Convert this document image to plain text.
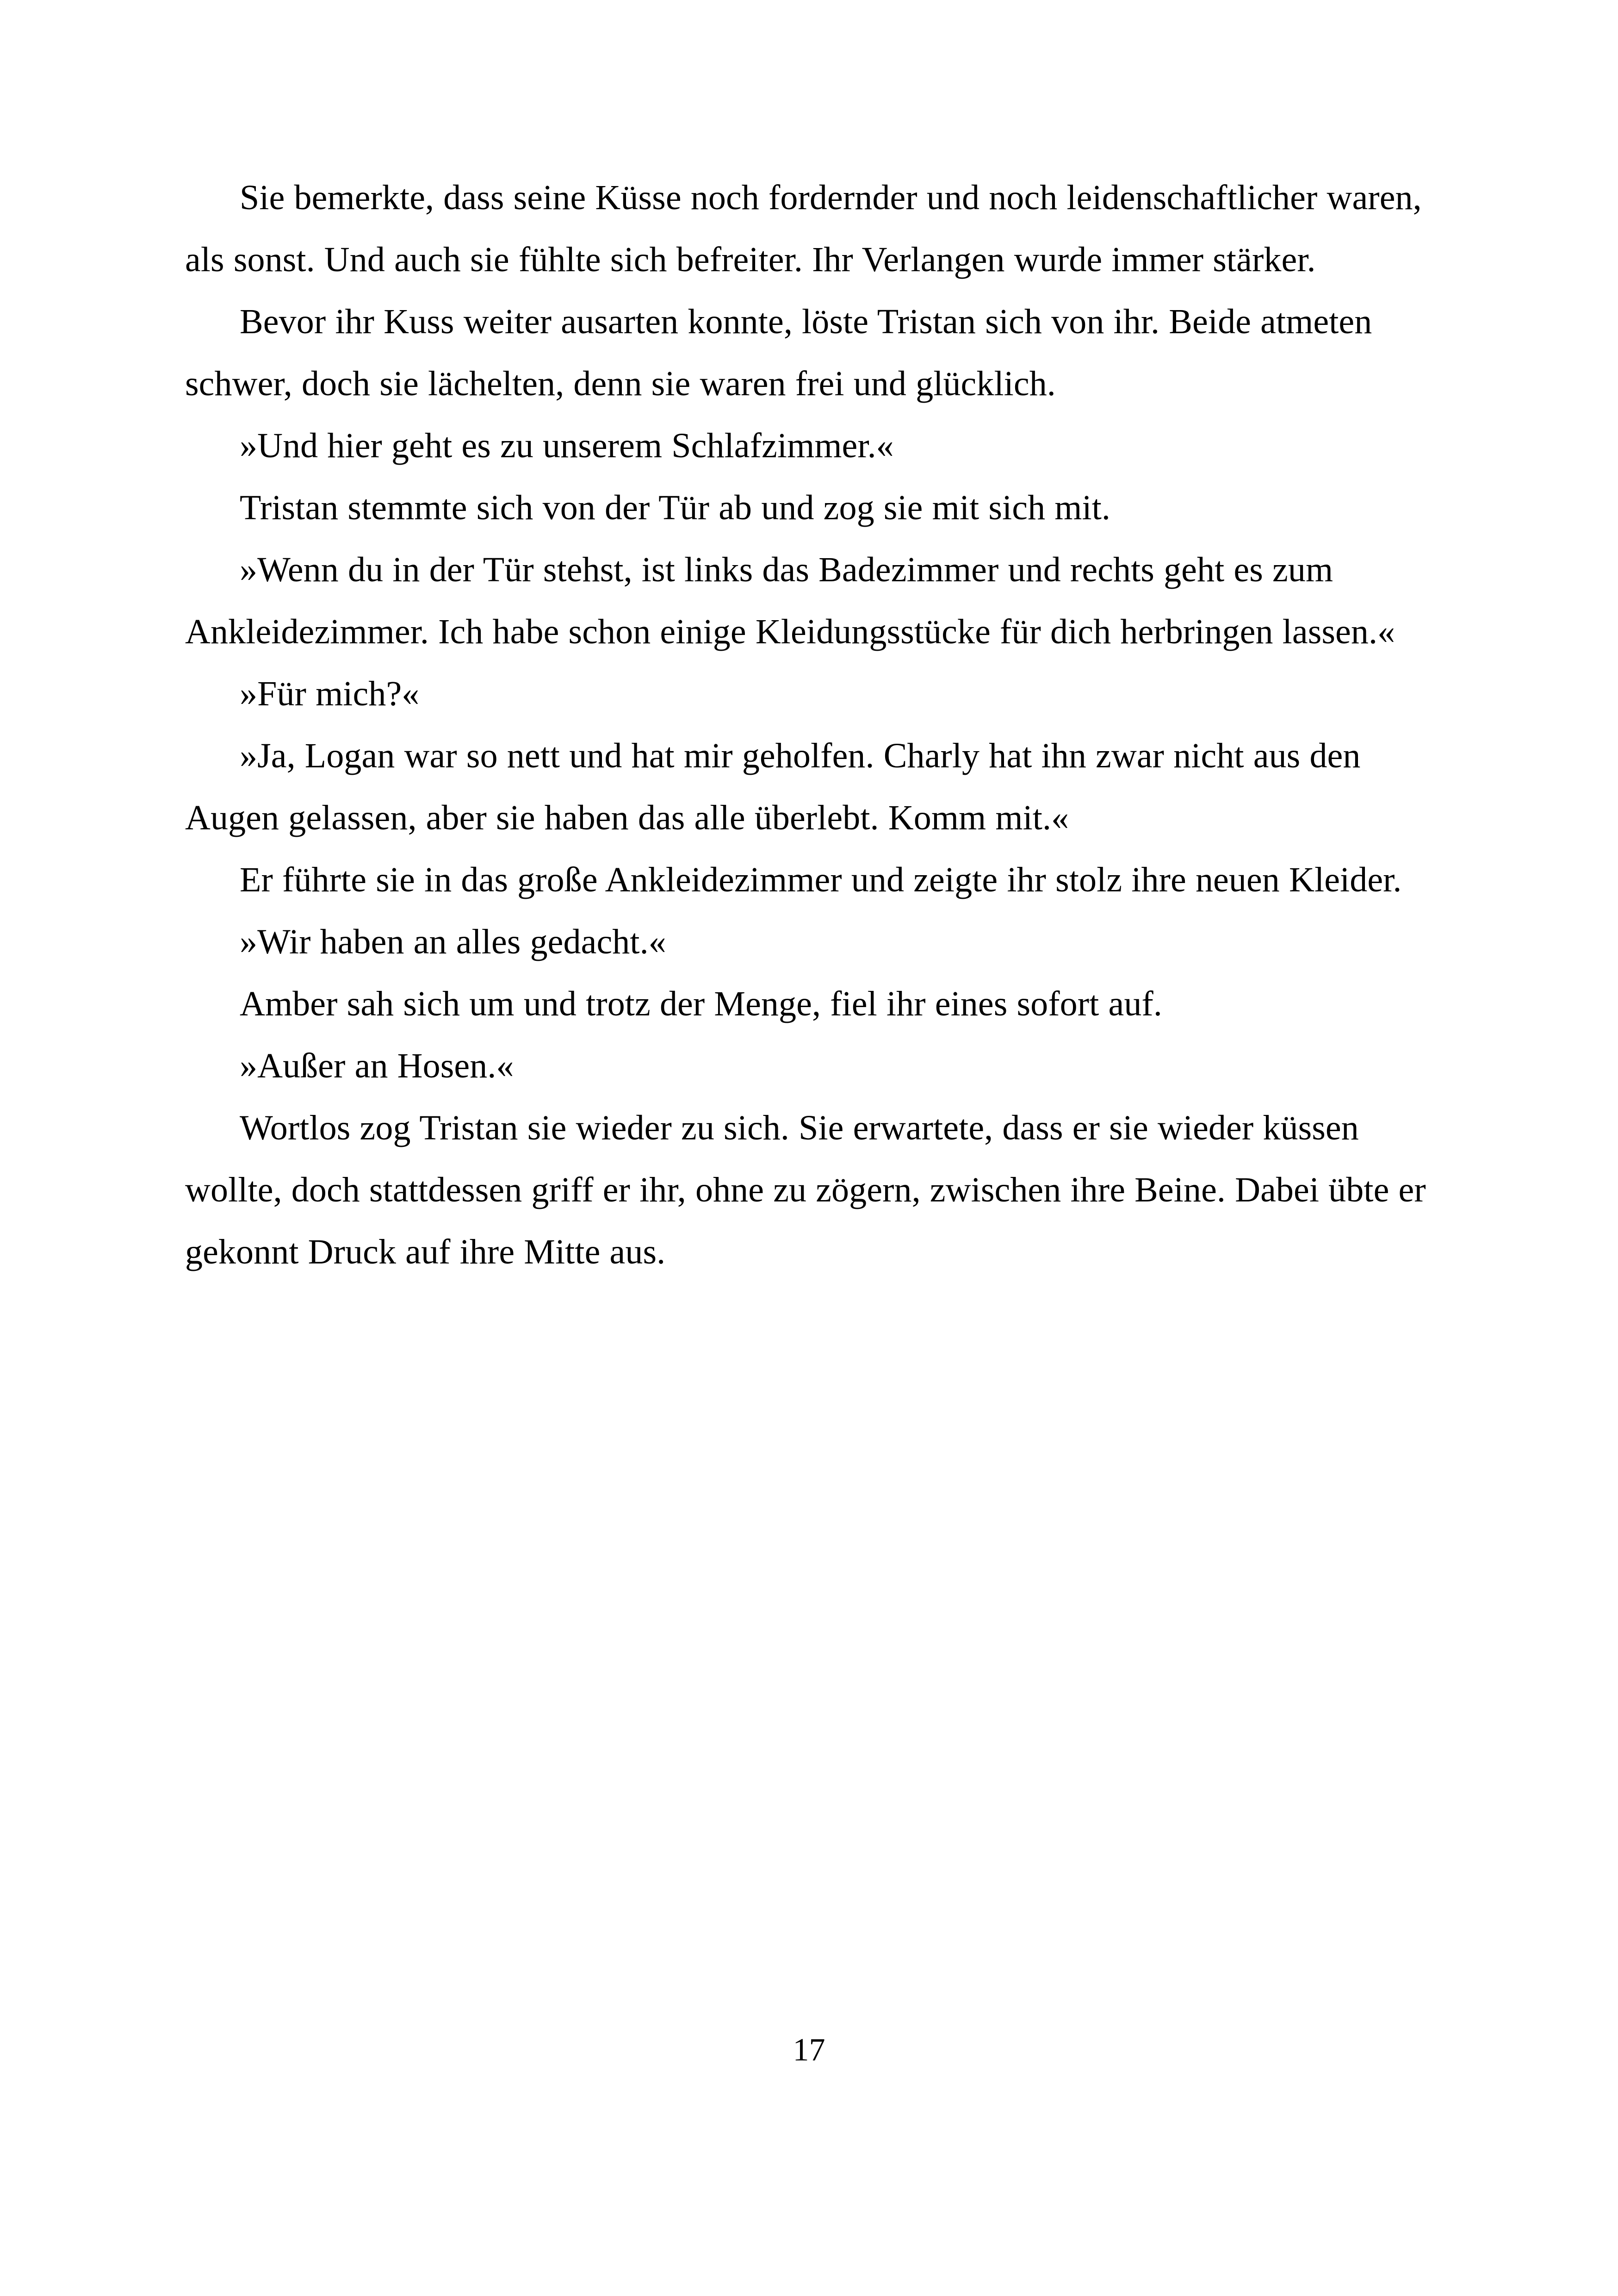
Sie bemerkte, dass seine Küsse noch fordernder und noch leidenschaftlicher waren, als sonst. Und auch sie fühlte sich befreiter. Ihr Verlangen wurde immer stärker.

Bevor ihr Kuss weiter ausarten konnte, löste Tristan sich von ihr. Beide atmeten schwer, doch sie lächelten, denn sie waren frei und glücklich.

»Und hier geht es zu unserem Schlafzimmer.«

Tristan stemmte sich von der Tür ab und zog sie mit sich mit.

»Wenn du in der Tür stehst, ist links das Badezimmer und rechts geht es zum Ankleidezimmer. Ich habe schon einige Kleidungsstücke für dich herbringen lassen.«

»Für mich?«

»Ja, Logan war so nett und hat mir geholfen. Charly hat ihn zwar nicht aus den Augen gelassen, aber sie haben das alle überlebt. Komm mit.«

Er führte sie in das große Ankleidezimmer und zeigte ihr stolz ihre neuen Kleider.

»Wir haben an alles gedacht.«

Amber sah sich um und trotz der Menge, fiel ihr eines sofort auf.

»Außer an Hosen.«

Wortlos zog Tristan sie wieder zu sich. Sie erwartete, dass er sie wieder küssen wollte, doch stattdessen griff er ihr, ohne zu zögern, zwischen ihre Beine. Dabei übte er gekonnt Druck auf ihre Mitte aus.

17
